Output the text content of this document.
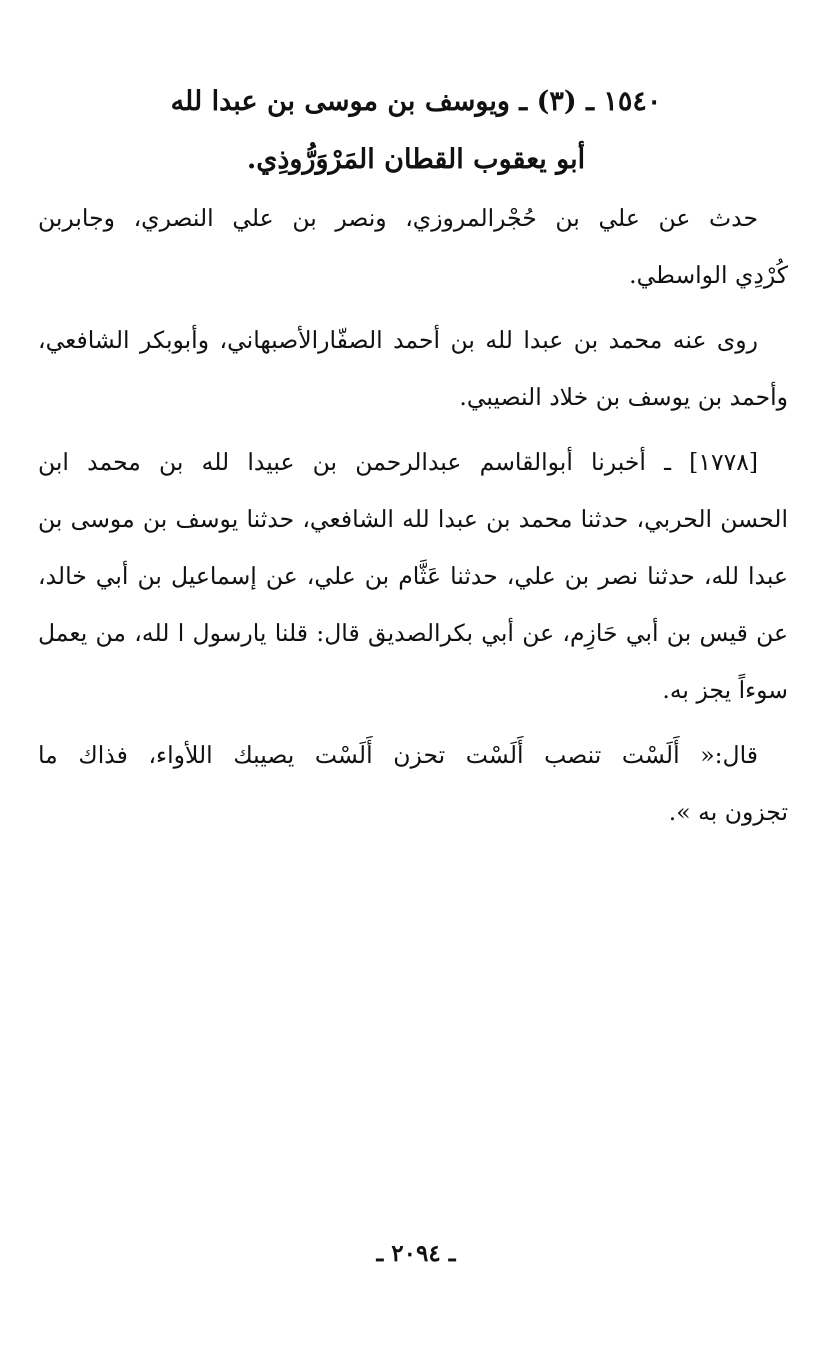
١٥٤٠ ـ (٣) ـ ويوسف بن موسى بن عبدا لله
أبو يعقوب القطان المَرْوَرُّوذِي.
حدث عن علي بن حُجْرالمروزي، ونصر بن علي النصري، وجابربن
كُرْدِي الواسطي.
روى عنه محمد بن عبدا لله بن أحمد الصفّارالأصبهاني، وأبوبكر الشافعي،
وأحمد بن يوسف بن خلاد النصيبي.
[١٧٧٨] ـ أخبرنا أبوالقاسم عبدالرحمن بن عبيدا لله بن محمد ابن
الحسن الحربي، حدثنا محمد بن عبدا لله الشافعي، حدثنا يوسف بن موسى بن
عبدا لله، حدثنا نصر بن علي، حدثنا عَثَّام بن علي، عن إسماعيل بن أبي خالد،
عن قيس بن أبي حَازِم، عن أبي بكرالصديق قال: قلنا يارسول ا لله، من يعمل
سوءاً يجز به.
قال:« أَلَسْت تنصب أَلَسْت تحزن أَلَسْت يصيبك اللأواء، فذاك ما
تجزون به ».
ـ ٢٠٩٤ ـ
